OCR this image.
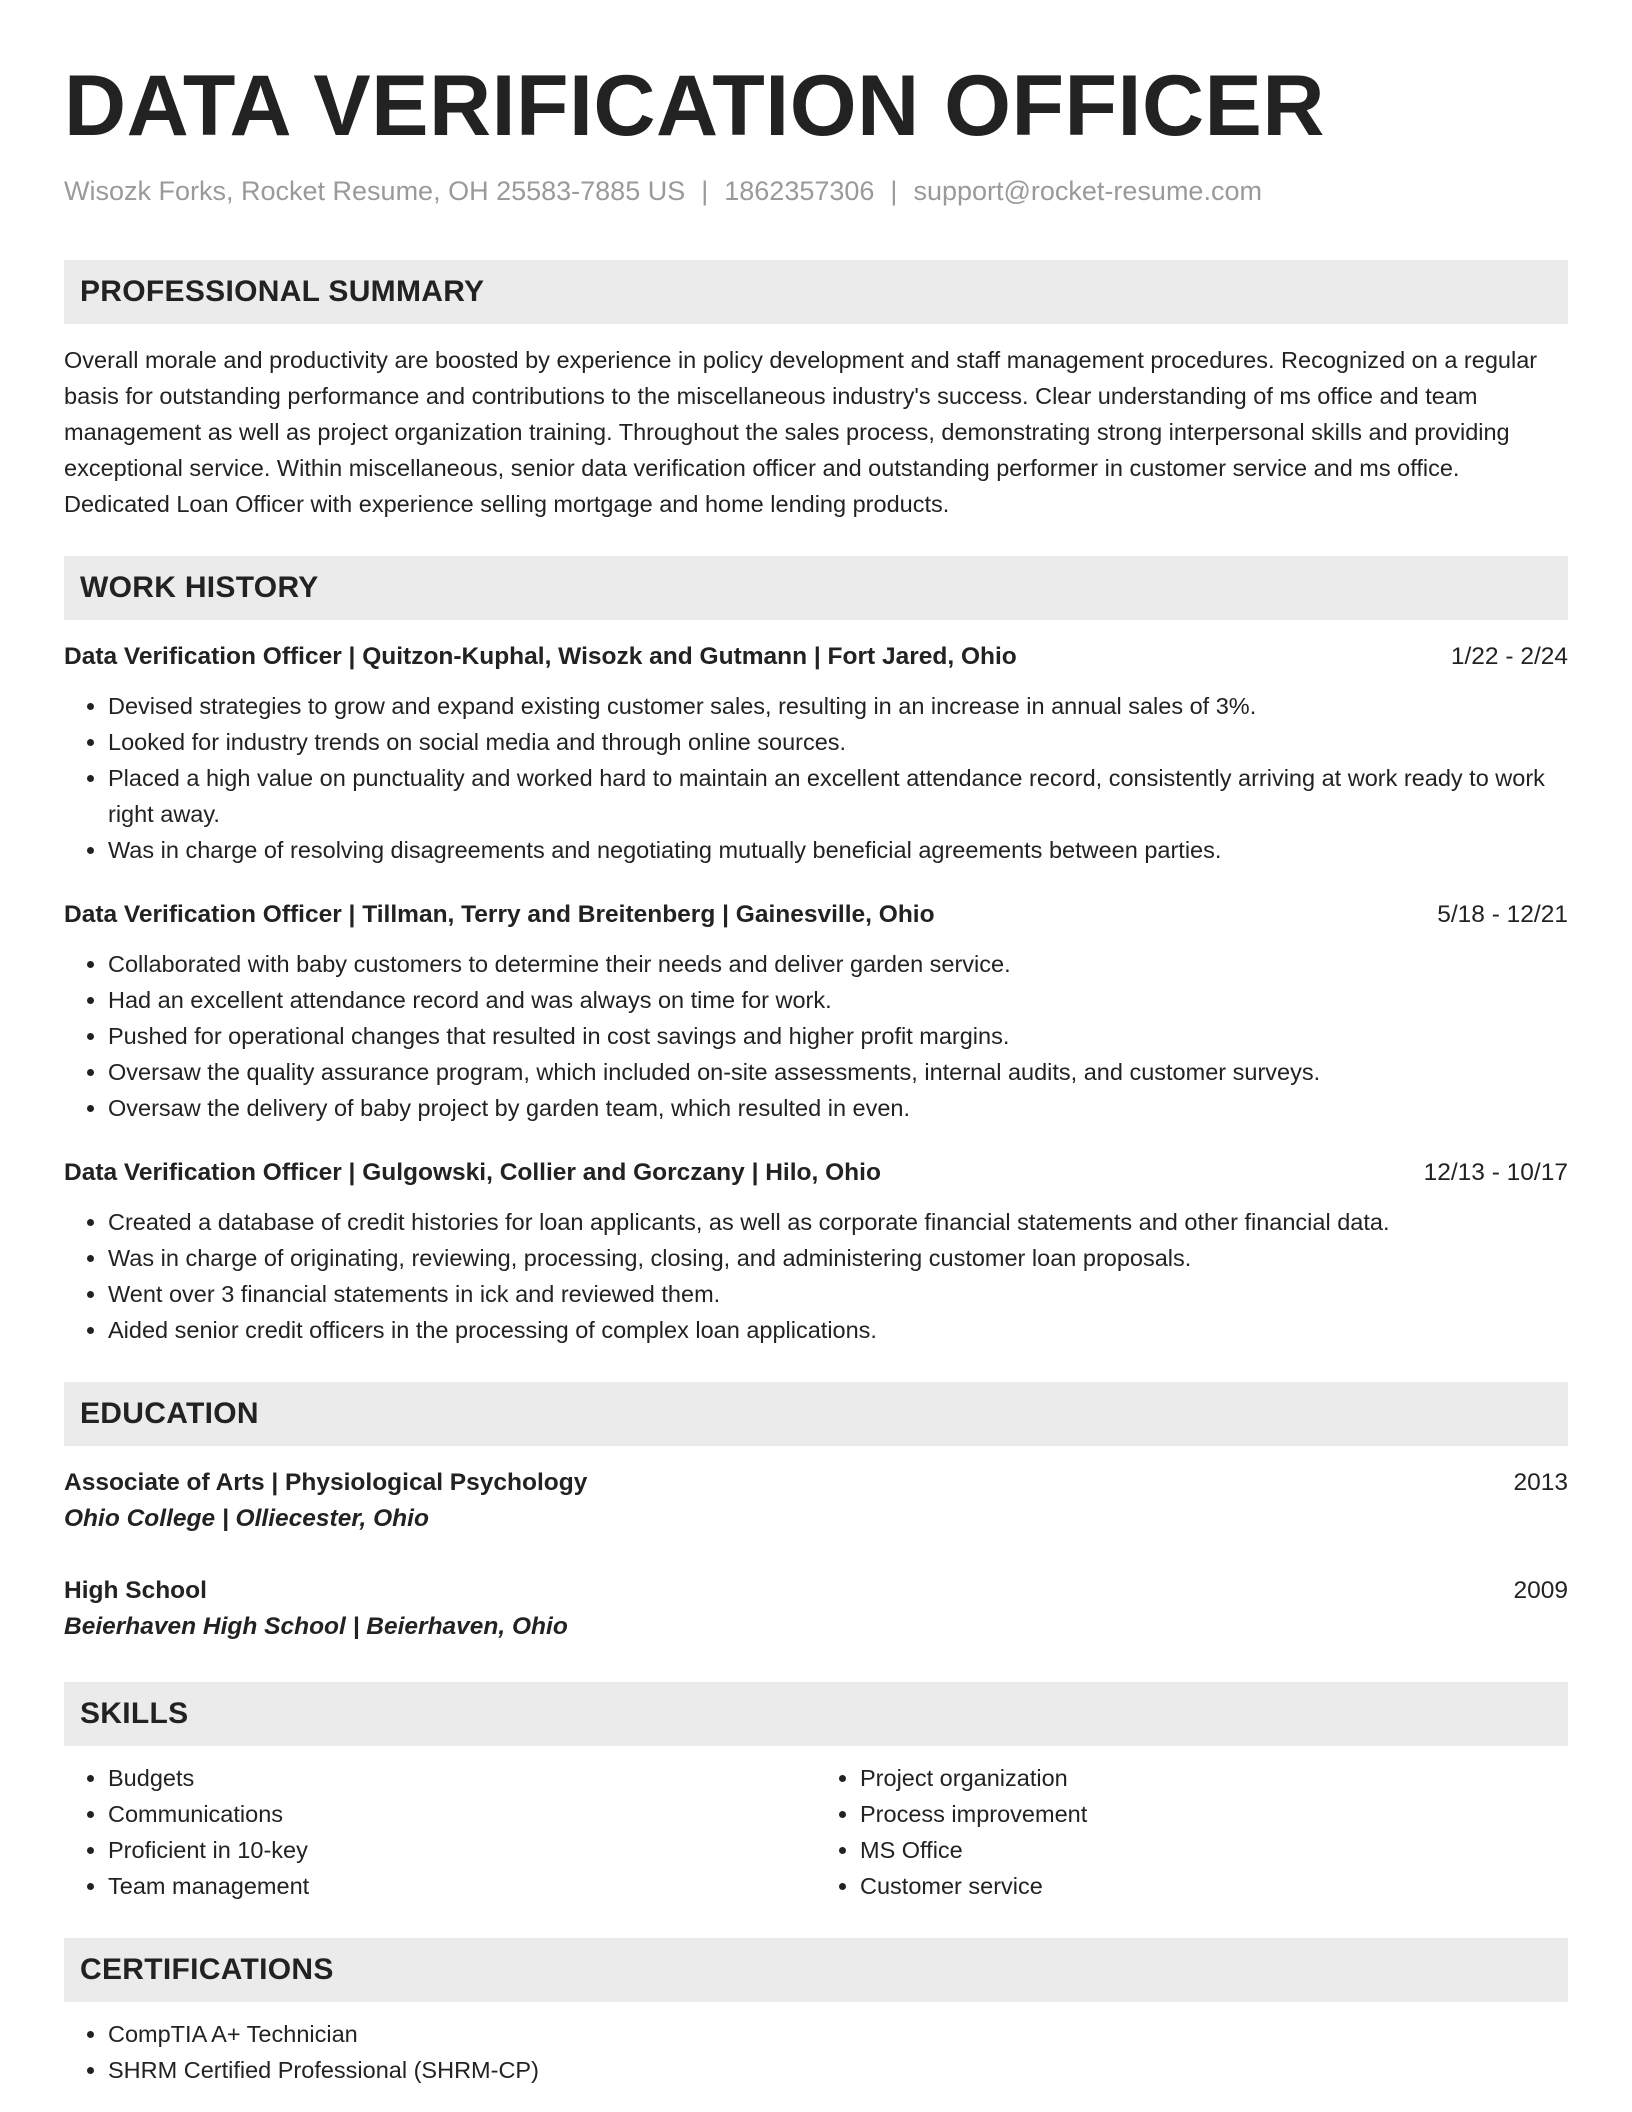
DATA VERIFICATION OFFICER
Wisozk Forks, Rocket Resume, OH 25583-7885 US | 1862357306 | support@rocket-resume.com
PROFESSIONAL SUMMARY
Overall morale and productivity are boosted by experience in policy development and staff management procedures. Recognized on a regular basis for outstanding performance and contributions to the miscellaneous industry's success. Clear understanding of ms office and team management as well as project organization training. Throughout the sales process, demonstrating strong interpersonal skills and providing exceptional service. Within miscellaneous, senior data verification officer and outstanding performer in customer service and ms office. Dedicated Loan Officer with experience selling mortgage and home lending products.
WORK HISTORY
Data Verification Officer | Quitzon-Kuphal, Wisozk and Gutmann | Fort Jared, Ohio	1/22 - 2/24
• Devised strategies to grow and expand existing customer sales, resulting in an increase in annual sales of 3%.
• Looked for industry trends on social media and through online sources.
• Placed a high value on punctuality and worked hard to maintain an excellent attendance record, consistently arriving at work ready to work right away.
• Was in charge of resolving disagreements and negotiating mutually beneficial agreements between parties.
Data Verification Officer | Tillman, Terry and Breitenberg | Gainesville, Ohio	5/18 - 12/21
• Collaborated with baby customers to determine their needs and deliver garden service.
• Had an excellent attendance record and was always on time for work.
• Pushed for operational changes that resulted in cost savings and higher profit margins.
• Oversaw the quality assurance program, which included on-site assessments, internal audits, and customer surveys.
• Oversaw the delivery of baby project by garden team, which resulted in even.
Data Verification Officer | Gulgowski, Collier and Gorczany | Hilo, Ohio	12/13 - 10/17
• Created a database of credit histories for loan applicants, as well as corporate financial statements and other financial data.
• Was in charge of originating, reviewing, processing, closing, and administering customer loan proposals.
• Went over 3 financial statements in ick and reviewed them.
• Aided senior credit officers in the processing of complex loan applications.
EDUCATION
Associate of Arts | Physiological Psychology	2013
Ohio College | Olliecester, Ohio
High School	2009
Beierhaven High School | Beierhaven, Ohio
SKILLS
• Budgets
• Communications
• Proficient in 10-key
• Team management
• Project organization
• Process improvement
• MS Office
• Customer service
CERTIFICATIONS
• CompTIA A+ Technician
• SHRM Certified Professional (SHRM-CP)
